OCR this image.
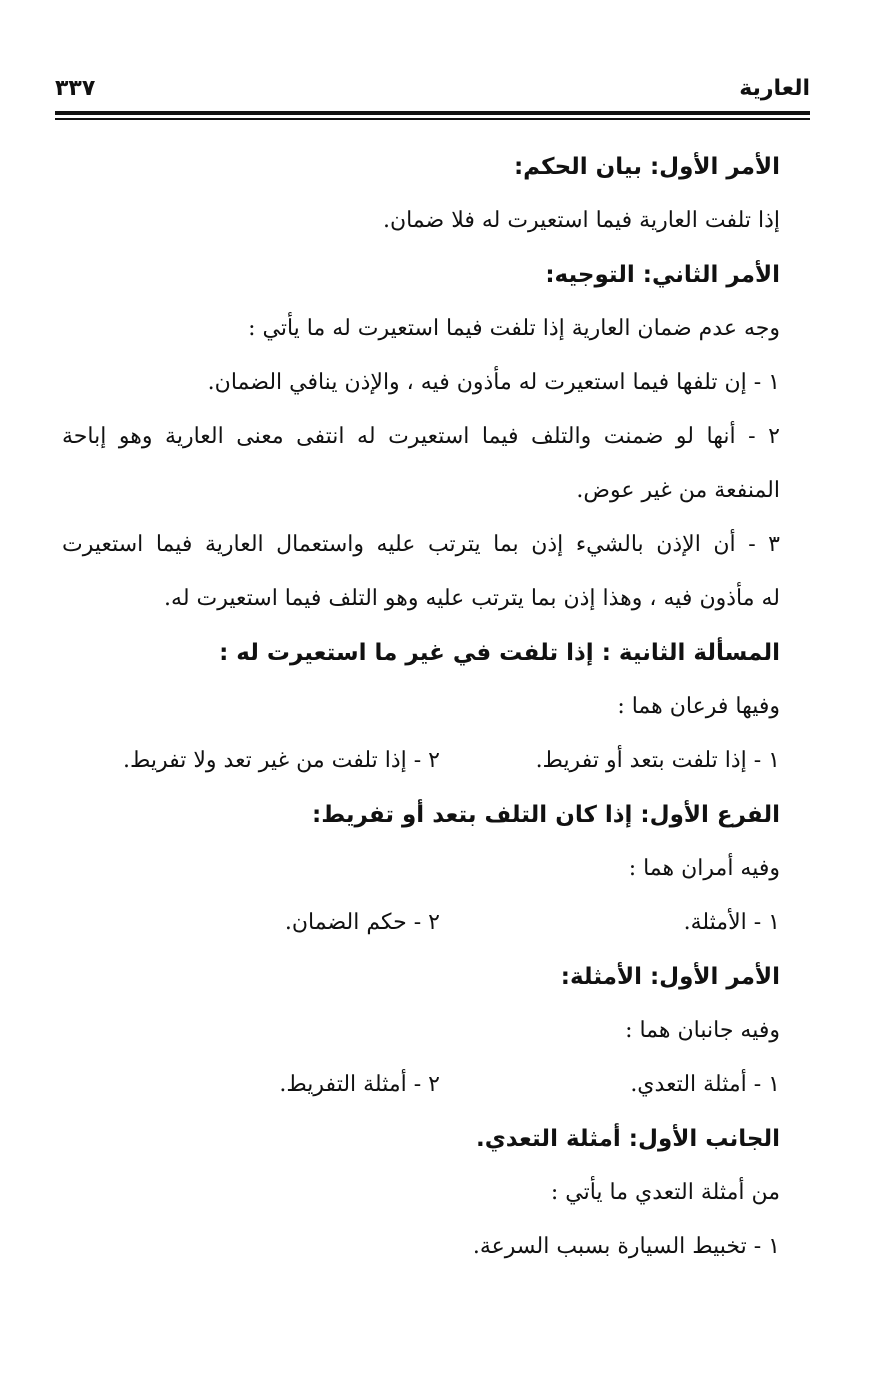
العارية
٣٣٧
الأمر الأول: بيان الحكم:
إذا تلفت العارية فيما استعيرت له فلا ضمان.
الأمر الثاني: التوجيه:
وجه عدم ضمان العارية إذا تلفت فيما استعيرت له ما يأتي :
١ - إن تلفها فيما استعيرت له مأذون فيه ، والإذن ينافي الضمان.
٢ - أنها لو ضمنت والتلف فيما استعيرت له انتفى معنى العارية وهو إباحة
المنفعة من غير عوض.
٣ - أن الإذن بالشيء إذن بما يترتب عليه واستعمال العارية فيما استعيرت
له مأذون فيه ، وهذا إذن بما يترتب عليه وهو التلف فيما استعيرت له.
المسألة الثانية : إذا تلفت في غير ما استعيرت له :
وفيها فرعان هما :
١ - إذا تلفت بتعد أو تفريط.
٢ - إذا تلفت من غير تعد ولا تفريط.
الفرع الأول: إذا كان التلف بتعد أو تفريط:
وفيه أمران هما :
١ - الأمثلة.
٢ - حكم الضمان.
الأمر الأول: الأمثلة:
وفيه جانبان هما :
١ - أمثلة التعدي.
٢ - أمثلة التفريط.
الجانب الأول: أمثلة التعدي.
من أمثلة التعدي ما يأتي :
١ - تخبيط السيارة بسبب السرعة.
